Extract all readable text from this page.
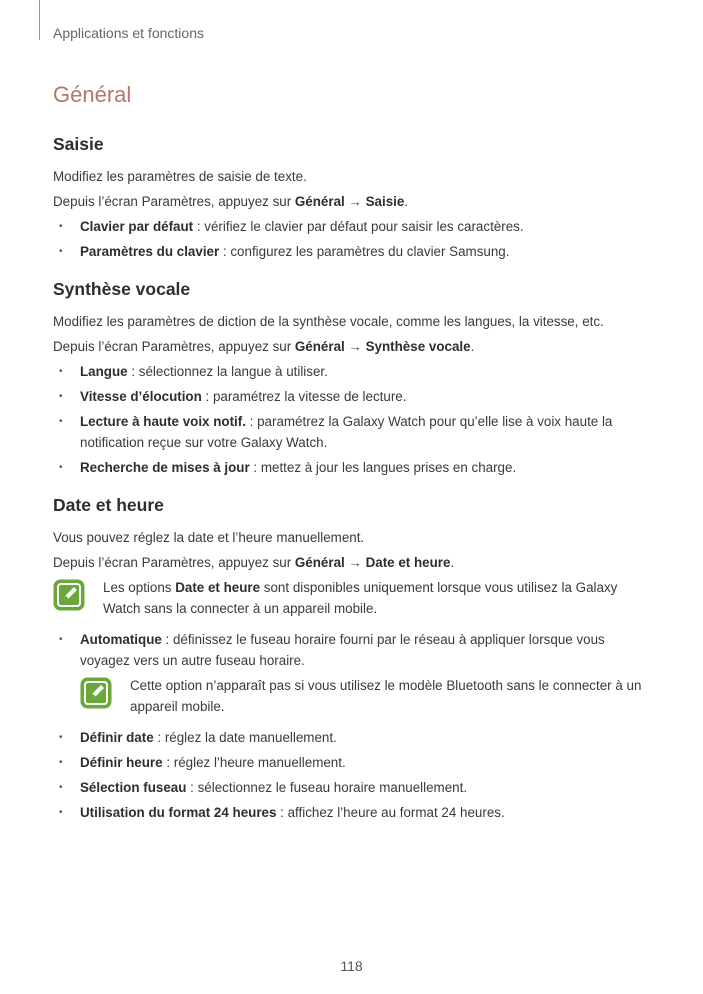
Applications et fonctions
Général
Saisie

Modifiez les paramètres de saisie de texte.

Depuis l’écran Paramètres, appuyez sur Général → Saisie.

• Clavier par défaut : vérifiez le clavier par défaut pour saisir les caractères.
• Paramètres du clavier : configurez les paramètres du clavier Samsung.
Synthèse vocale

Modifiez les paramètres de diction de la synthèse vocale, comme les langues, la vitesse, etc.

Depuis l’écran Paramètres, appuyez sur Général → Synthèse vocale.

• Langue : sélectionnez la langue à utiliser.
• Vitesse d’élocution : paramétrez la vitesse de lecture.
• Lecture à haute voix notif. : paramétrez la Galaxy Watch pour qu’elle lise à voix haute la notification reçue sur votre Galaxy Watch.
• Recherche de mises à jour : mettez à jour les langues prises en charge.
Date et heure

Vous pouvez réglez la date et l’heure manuellement.

Depuis l’écran Paramètres, appuyez sur Général → Date et heure.

Les options Date et heure sont disponibles uniquement lorsque vous utilisez la Galaxy Watch sans la connecter à un appareil mobile.
• Automatique : définissez le fuseau horaire fourni par le réseau à appliquer lorsque vous voyagez vers un autre fuseau horaire.
Cette option n’apparaît pas si vous utilisez le modèle Bluetooth sans le connecter à un appareil mobile.
• Définir date : réglez la date manuellement.
• Définir heure : réglez l’heure manuellement.
• Sélection fuseau : sélectionnez le fuseau horaire manuellement.
• Utilisation du format 24 heures : affichez l’heure au format 24 heures.
118
